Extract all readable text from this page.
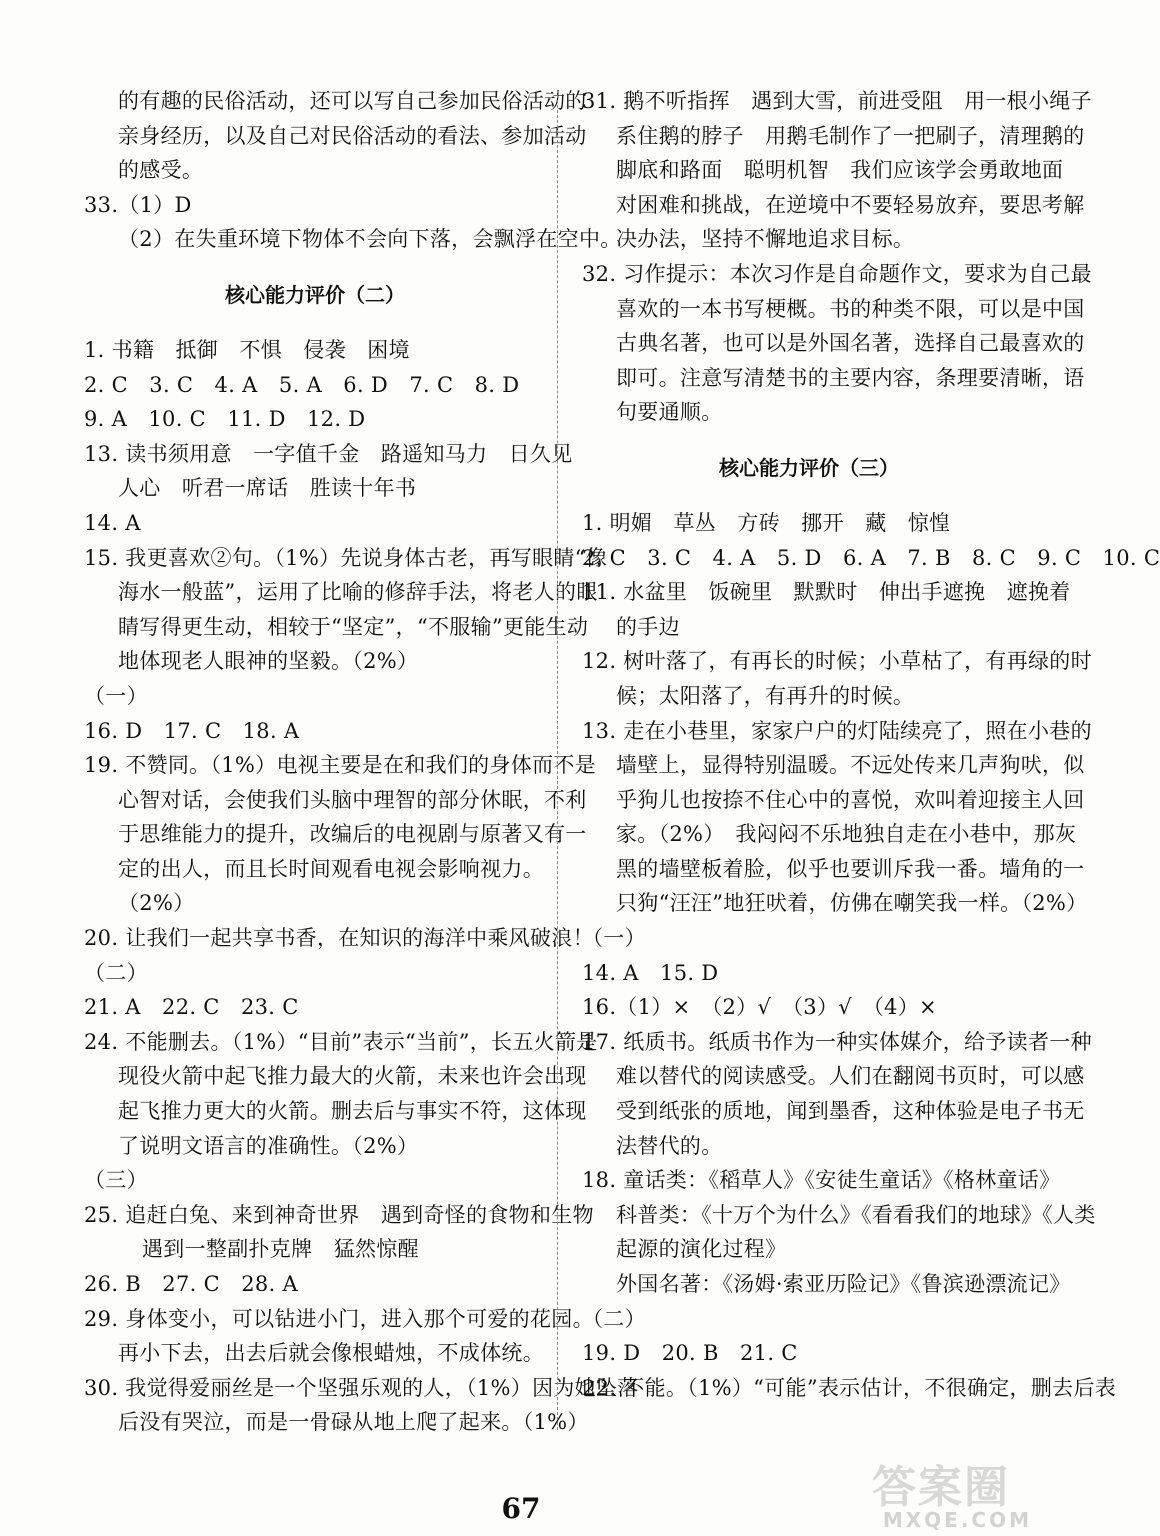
的有趣的民俗活动，还可以写自己参加民俗活动的
亲身经历，以及自己对民俗活动的看法、参加活动
的感受。
33.（1）D
（2）在失重环境下物体不会向下落，会飘浮在空中。
核心能力评价（二）
1. 书籍　抵御　不惧　侵袭　困境
2. C　3. C　4. A　5. A　6. D　7. C　8. D
9. A　10. C　11. D　12. D
13. 读书须用意　一字值千金　路遥知马力　日久见
人心　听君一席话　胜读十年书
14. A
15. 我更喜欢②句。（1%）先说身体古老，再写眼睛“像
海水一般蓝”，运用了比喻的修辞手法，将老人的眼
睛写得更生动，相较于“坚定”，“不服输”更能生动
地体现老人眼神的坚毅。（2%）
（一）
16. D　17. C　18. A
19. 不赞同。（1%）电视主要是在和我们的身体而不是
心智对话，会使我们头脑中理智的部分休眠，不利
于思维能力的提升，改编后的电视剧与原著又有一
定的出人，而且长时间观看电视会影响视力。
（2%）
20. 让我们一起共享书香，在知识的海洋中乘风破浪！
（二）
21. A　22. C　23. C
24. 不能删去。（1%）“目前”表示“当前”，长五火箭是
现役火箭中起飞推力最大的火箭，未来也许会出现
起飞推力更大的火箭。删去后与事实不符，这体现
了说明文语言的准确性。（2%）
（三）
25. 追赶白兔、来到神奇世界　遇到奇怪的食物和生物
遇到一整副扑克牌　猛然惊醒
26. B　27. C　28. A
29. 身体变小，可以钻进小门，进入那个可爱的花园。
再小下去，出去后就会像根蜡烛，不成体统。
30. 我觉得爱丽丝是一个坚强乐观的人，（1%）因为她坠落
后没有哭泣，而是一骨碌从地上爬了起来。（1%）
31. 鹅不听指挥　遇到大雪，前进受阻　用一根小绳子
系住鹅的脖子　用鹅毛制作了一把刷子，清理鹅的
脚底和路面　聪明机智　我们应该学会勇敢地面
对困难和挑战，在逆境中不要轻易放弃，要思考解
决办法，坚持不懈地追求目标。
32. 习作提示：本次习作是自命题作文，要求为自己最
喜欢的一本书写梗概。书的种类不限，可以是中国
古典名著，也可以是外国名著，选择自己最喜欢的
即可。注意写清楚书的主要内容，条理要清晰，语
句要通顺。
核心能力评价（三）
1. 明媚　草丛　方砖　挪开　藏　惊惶
2. C　3. C　4. A　5. D　6. A　7. B　8. C　9. C　10. C
11. 水盆里　饭碗里　默默时　伸出手遮挽　遮挽着
的手边
12. 树叶落了，有再长的时候；小草枯了，有再绿的时
候；太阳落了，有再升的时候。
13. 走在小巷里，家家户户的灯陆续亮了，照在小巷的
墙壁上，显得特别温暖。不远处传来几声狗吠，似
乎狗儿也按捺不住心中的喜悦，欢叫着迎接主人回
家。（2%）　我闷闷不乐地独自走在小巷中，那灰
黑的墙壁板着脸，似乎也要训斥我一番。墙角的一
只狗“汪汪”地狂吠着，仿佛在嘲笑我一样。（2%）
（一）
14. A　15. D
16.（1）×　（2）√　（3）√　（4）×
17. 纸质书。纸质书作为一种实体媒介，给予读者一种
难以替代的阅读感受。人们在翻阅书页时，可以感
受到纸张的质地，闻到墨香，这种体验是电子书无
法替代的。
18. 童话类：《稻草人》《安徒生童话》《格林童话》
科普类：《十万个为什么》《看看我们的地球》《人类
起源的演化过程》
外国名著：《汤姆·索亚历险记》《鲁滨逊漂流记》
（二）
19. D　20. B　21. C
22. 不能。（1%）“可能”表示估计，不很确定，删去后表
67	答案圈
MXQE.COM
